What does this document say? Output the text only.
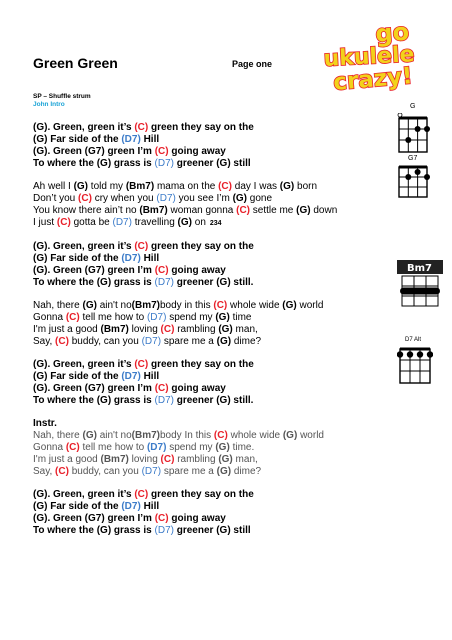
Green Green	Page one
SP – Shuffle strum
John Intro
go
ukulele
crazy!
G
G7
Bm7
D7 Alt
(G). Green, green it’s (C) green they say on the
(G) Far side of the (D7) Hill
(G). Green (G7) green I’m (C) going away
To where the (G) grass is (D7) greener (G) still
Ah well I (G) told my (Bm7) mama on the (C) day I was (G) born
Don’t you (C) cry when you (D7) you see I’m (G) gone
You know there ain’t no (Bm7) woman gonna (C) settle me (G) down
I just (C) gotta be (D7) travelling (G) on 234
(G). Green, green it’s (C) green they say on the
(G) Far side of the (D7) Hill
(G). Green (G7) green I’m (C) going away
To where the (G) grass is (D7) greener (G) still.
Nah, there (G) ain't no(Bm7)body in this (C) whole wide (G) world
Gonna (C) tell me how to (D7) spend my (G) time
I'm just a good (Bm7) loving (C) rambling (G) man,
Say, (C) buddy, can you (D7) spare me a (G) dime?
(G). Green, green it’s (C) green they say on the
(G) Far side of the (D7) Hill
(G). Green (G7) green I’m (C) going away
To where the (G) grass is (D7) greener (G) still.
Instr.
Nah, there (G) ain't no(Bm7)body In this (C) whole wide (G) world
Gonna (C) tell me how to (D7) spend my (G) time.
I'm just a good (Bm7) loving (C) rambling (G) man,
Say, (C) buddy, can you (D7) spare me a (G) dime?
(G). Green, green it’s (C) green they say on the
(G) Far side of the (D7) Hill
(G). Green (G7) green I’m (C) going away
To where the (G) grass is (D7) greener (G) still
